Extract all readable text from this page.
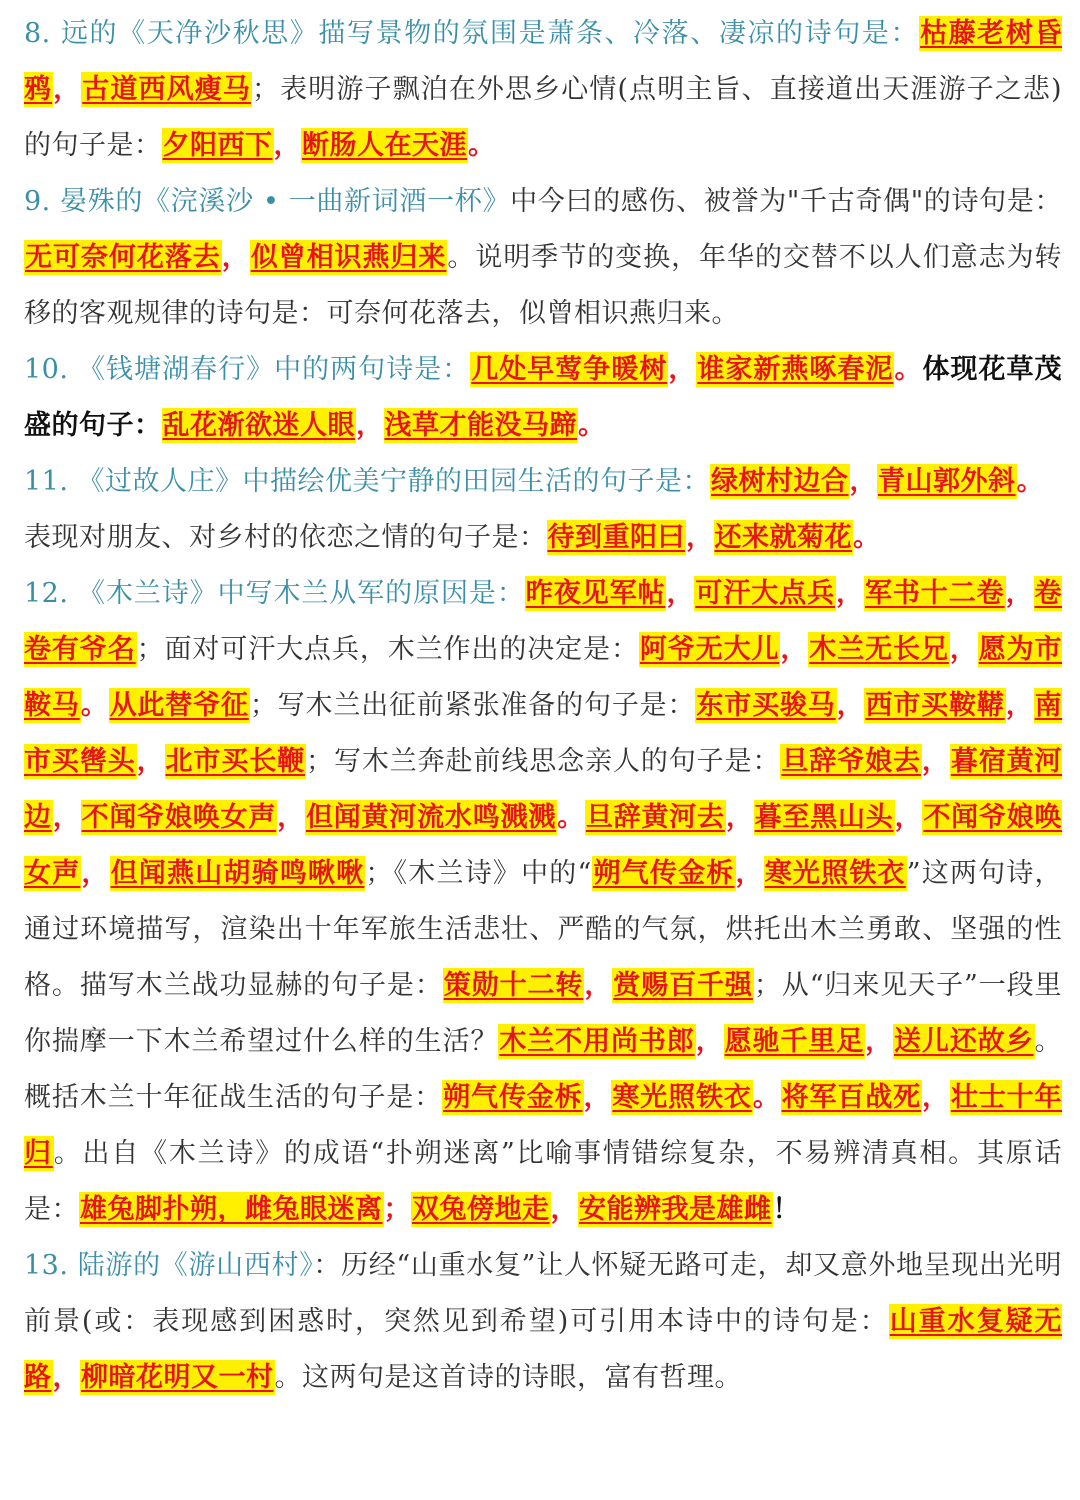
8. 远的《天净沙秋思》描写景物的氛围是萧条、冷落、凄凉的诗句是：枯藤老树昏鸦，古道西风瘦马；表明游子飘泊在外思乡心情(点明主旨、直接道出天涯游子之悲)的句子是：夕阳西下，断肠人在天涯。

9. 晏殊的《浣溪沙 • 一曲新词酒一杯》中今曰的感伤、被誉为"千古奇偶"的诗句是：无可奈何花落去，似曾相识燕归来。说明季节的变换，年华的交替不以人们意志为转移的客观规律的诗句是：可奈何花落去，似曾相识燕归来。

10. 《钱塘湖春行》中的两句诗是：几处早莺争暖树，谁家新燕啄春泥。体现花草茂盛的句子：乱花渐欲迷人眼，浅草才能没马蹄。

11. 《过故人庄》中描绘优美宁静的田园生活的句子是：绿树村边合，青山郭外斜。
表现对朋友、对乡村的依恋之情的句子是：待到重阳曰，还来就菊花。

12. 《木兰诗》中写木兰从军的原因是：昨夜见军帖，可汗大点兵，军书十二卷，卷卷有爷名；面对可汗大点兵，木兰作出的决定是：阿爷无大儿，木兰无长兄，愿为市鞍马。从此替爷征；写木兰出征前紧张准备的句子是：东市买骏马，西市买鞍鞯，南市买辔头，北市买长鞭；写木兰奔赴前线思念亲人的句子是：旦辞爷娘去，暮宿黄河边，不闻爷娘唤女声，但闻黄河流水鸣溅溅。旦辞黄河去，暮至黑山头，不闻爷娘唤女声，但闻燕山胡骑鸣啾啾；《木兰诗》中的“朔气传金柝，寒光照铁衣”这两句诗，通过环境描写，渲染出十年军旅生活悲壮、严酷的气氛，烘托出木兰勇敢、坚强的性格。描写木兰战功显赫的句子是：策勋十二转，赏赐百千强；从“归来见天子”一段里你揣摩一下木兰希望过什么样的生活？木兰不用尚书郎，愿驰千里足，送儿还故乡。概括木兰十年征战生活的句子是：朔气传金柝，寒光照铁衣。将军百战死，壮士十年归。出自《木兰诗》的成语“扑朔迷离”比喻事情错综复杂，不易辨清真相。其原话是：雄兔脚扑朔，雌兔眼迷离；双兔傍地走，安能辨我是雄雌！

13. 陆游的《游山西村》：历经“山重水复”让人怀疑无路可走，却又意外地呈现出光明前景(或：表现感到困惑时，突然见到希望)可引用本诗中的诗句是：山重水复疑无路，柳暗花明又一村。这两句是这首诗的诗眼，富有哲理。
